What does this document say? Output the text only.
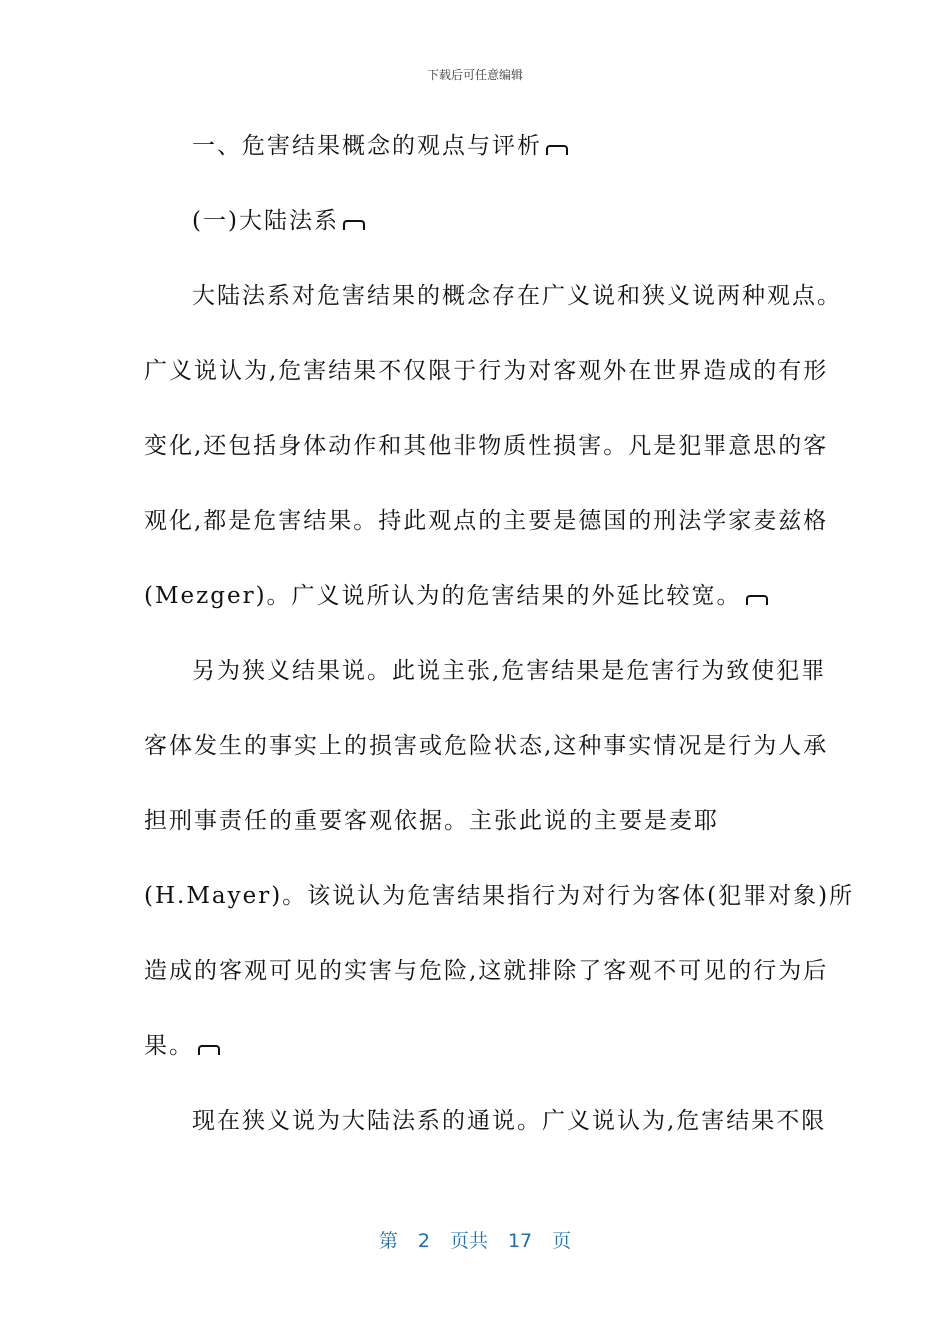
下载后可任意编辑
一、危害结果概念的观点与评析
(一)大陆法系
大陆法系对危害结果的概念存在广义说和狭义说两种观点。
广义说认为,危害结果不仅限于行为对客观外在世界造成的有形
变化,还包括身体动作和其他非物质性损害。凡是犯罪意思的客
观化,都是危害结果。持此观点的主要是德国的刑法学家麦兹格
(Mezger)。广义说所认为的危害结果的外延比较宽。
另为狭义结果说。此说主张,危害结果是危害行为致使犯罪
客体发生的事实上的损害或危险状态,这种事实情况是行为人承
担刑事责任的重要客观依据。主张此说的主要是麦耶
(H.Mayer)。该说认为危害结果指行为对行为客体(犯罪对象)所
造成的客观可见的实害与危险,这就排除了客观不可见的行为后
果。
现在狭义说为大陆法系的通说。广义说认为,危害结果不限
第 2 页共 17 页
